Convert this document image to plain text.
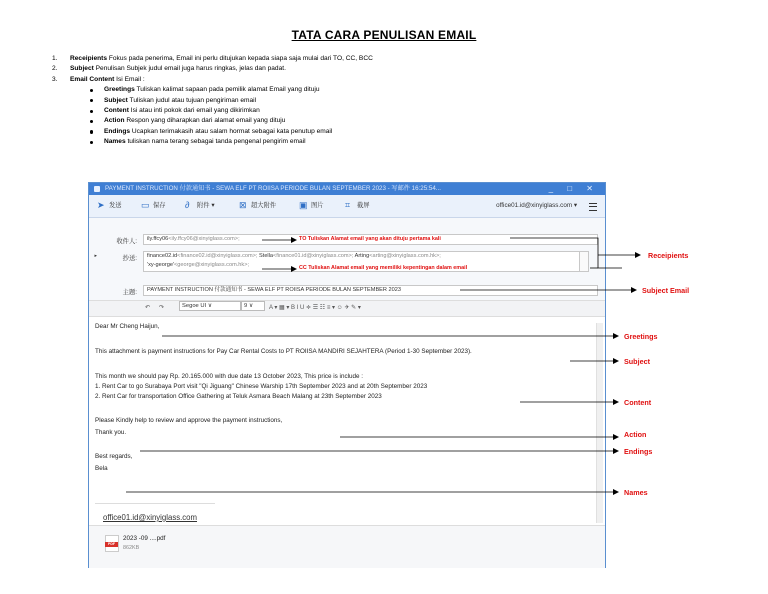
TATA CARA PENULISAN EMAIL
1. Receipients Fokus pada penerima, Email ini perlu ditujukan kepada siapa saja mulai dari TO, CC, BCC
2. Subject Penulisan Subjek judul email juga harus ringkas, jelas dan padat.
3. Email Content Isi Email :
Greetings Tuliskan kalimat sapaan pada pemilik alamat Email yang dituju
Subject Tuliskan judul atau tujuan pengiriman email
Content Isi atau inti pokok dari email yang dikirimkan
Action Respon yang diharapkan dari alamat email yang dituju
Endings Ucapkan terimakasih atau salam hormat sebagai kata penutup email
Names tuliskan nama terang sebagai tanda pengenal pengirim email
PAYMENT INSTRUCTION 付款通知书 - SEWA ELF PT ROIISA PERIODE BULAN SEPTEMBER 2023 - 写邮件 16:25:54...	_ □ ✕
➤ 发送 ▭ 保存 ∂ 附件 ▾	⊠ 超大附件	▣ 图片 ⌗ 截屏	office01.id@xinyiglass.com ▾
收件人:	ily.ffcy06<ily.ffcy06@xinyiglass.com>;
▸	抄送: finance02.id<finance02.id@xinyiglass.com>; Stella<finance01.id@xinyiglass.com>; Arting<arting@xinyiglass.com.hk>;
'xy-george'<george@xinyiglass.com.hk>;
主题:	PAYMENT INSTRUCTION 付款通知书 - SEWA ELF PT ROIISA PERIODE BULAN SEPTEMBER 2023
↶ ↷	Segoe UI ∨	9 ∨	A ▾ ▦ ▾ B I U ≑ ☰ ☷ ≡ ▾ ☺ ✈ ✎ ▾
Dear Mr Cheng Haijun,
This attachment is payment instructions for Pay Car Rental Costs to PT ROIISA MANDIRI SEJAHTERA (Period 1-30 September 2023).
This month we should pay Rp. 20.165.000 with due date 13 October 2023, This price is include :
1. Rent Car to go Surabaya Port visit "Qi Jiguang" Chinese Warship 17th September 2023 and at 20th September 2023
2. Rent Car for transportation Office Gathering at Teluk Asmara Beach Malang at 23th September 2023
Please Kindly help to review and approve the payment instructions,
Thank you.
Best regards,
Bela
office01.id@xinyiglass.com
PDF
2023 -09 ....pdf
862KB
TO Tuliskan Alamat email yang akan dituju pertama kali
CC Tuliskan Alamat email yang memiliki kepentingan dalam email
Receipients
Subject Email
Greetings
Subject
Content
Action
Endings
Names
